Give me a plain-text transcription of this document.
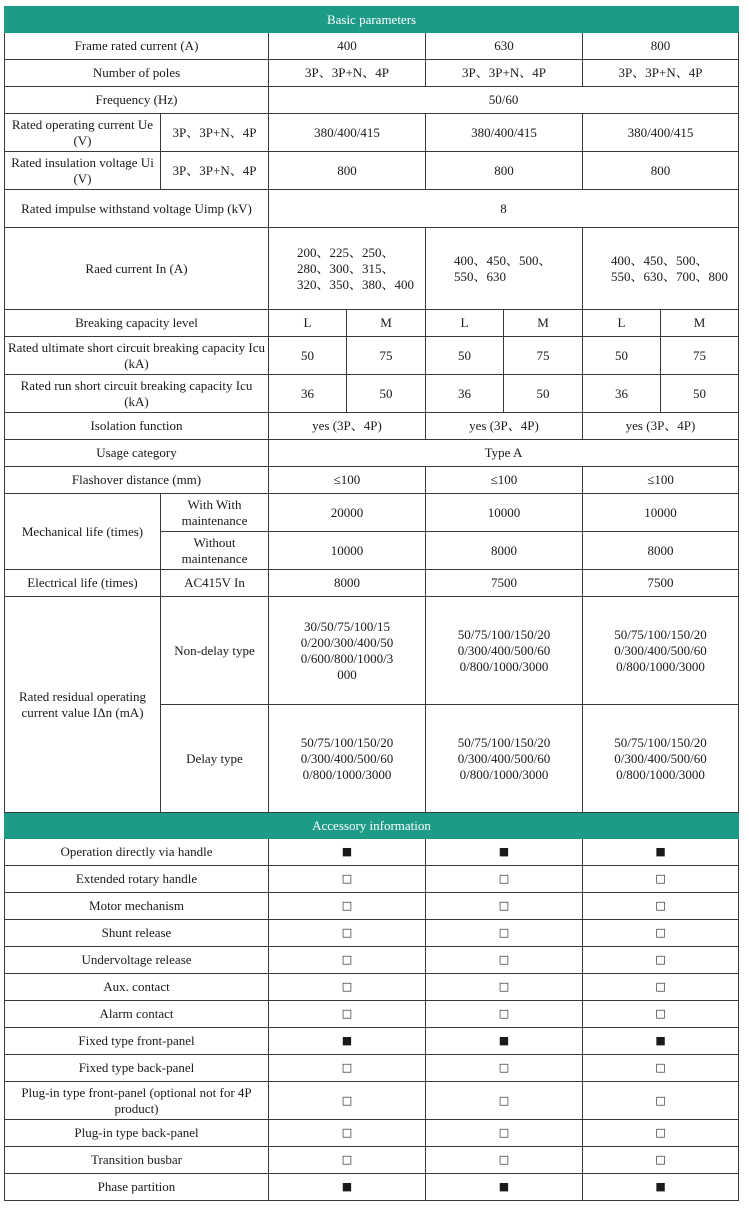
Basic parameters							
Frame rated current (A)		400		630		800	
Number of poles		3P、3P+N、4P		3P、3P+N、4P		3P、3P+N、4P	
Frequency (Hz)		50/60					
Rated operating current Ue (V)	3P、3P+N、4P	380/400/415		380/400/415		380/400/415	
Rated insulation voltage Ui (V)	3P、3P+N、4P	800		800		800	
Rated impulse withstand voltage Uimp (kV)		8					
Raed current In (A)		200、225、250、280、300、315、320、350、380、400		400、450、500、550、630		400、450、500、550、630、700、800	
Breaking capacity level		L	M	L	M	L	M
Rated ultimate short circuit breaking capacity Icu (kA)		50	75	50	75	50	75
Rated run short circuit breaking capacity Icu (kA)		36	50	36	50	36	50
Isolation function		yes (3P、4P)		yes (3P、4P)		yes (3P、4P)	
Usage category		Type A					
Flashover distance (mm)		≤100		≤100		≤100	
Mechanical life (times)	With With maintenance	20000		10000		10000	
	Without maintenance	10000		8000		8000	
Electrical life (times)	AC415V In	8000		7500		7500	
Rated residual operating current value IΔn (mA)	Non-delay type	30/50/75/100/150/200/300/400/500/600/800/1000/3000		50/75/100/150/200/300/400/500/600/800/1000/3000		50/75/100/150/200/300/400/500/600/800/1000/3000	
	Delay type	50/75/100/150/200/300/400/500/600/800/1000/3000		50/75/100/150/200/300/400/500/600/800/1000/3000		50/75/100/150/200/300/400/500/600/800/1000/3000	
Accessory information							
Operation directly via handle		■		■		■	
Extended rotary handle		□		□		□	
Motor mechanism		□		□		□	
Shunt release		□		□		□	
Undervoltage release		□		□		□	
Aux. contact		□		□		□	
Alarm contact		□		□		□	
Fixed type front-panel		■		■		■	
Fixed type back-panel		□		□		□	
Plug-in type front-panel (optional not for 4P product)		□		□		□	
Plug-in type back-panel		□		□		□	
Transition busbar		□		□		□	
Phase partition		■		■		■	
